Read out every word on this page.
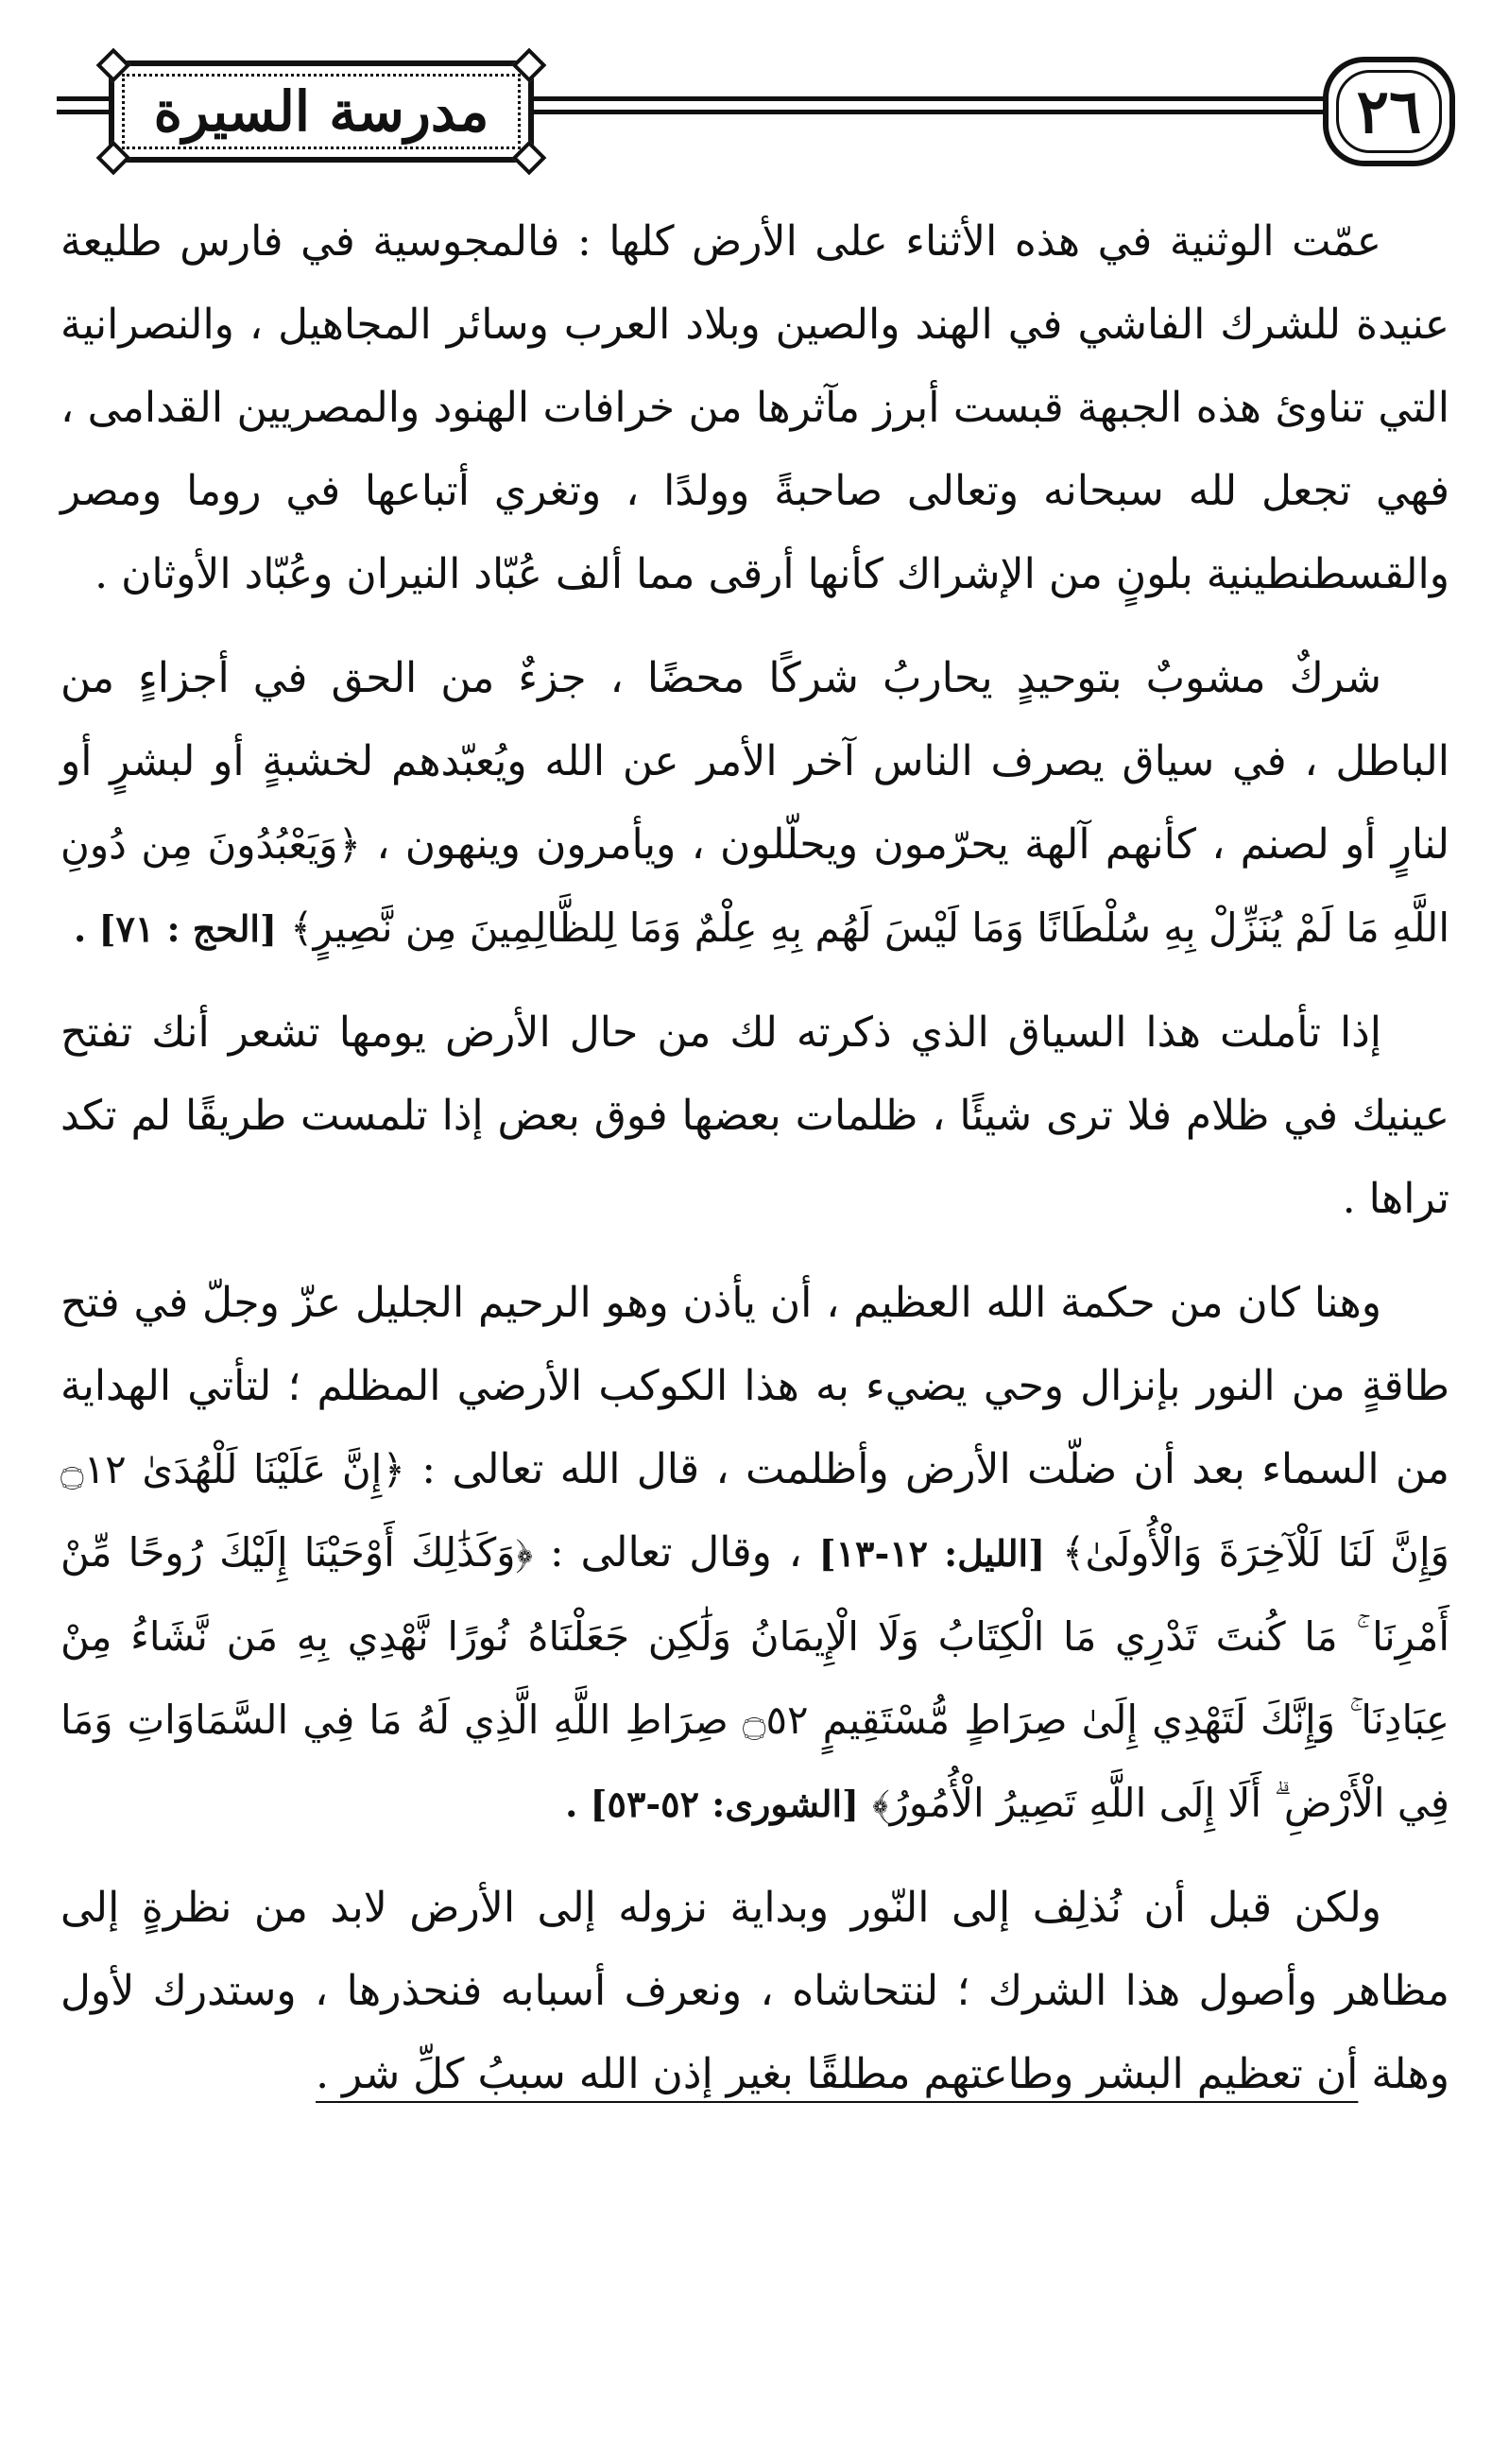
٢٦
مدرسة السيرة

عمّت الوثنية في هذه الأثناء على الأرض كلها : فالمجوسية في فارس طليعة عنيدة للشرك الفاشي في الهند والصين وبلاد العرب وسائر المجاهيل ، والنصرانية التي تناوئ هذه الجبهة قبست أبرز مآثرها من خرافات الهنود والمصريين القدامى ، فهي تجعل لله سبحانه وتعالى صاحبةً وولدًا ، وتغري أتباعها في روما ومصر والقسطنطينية بلونٍ من الإشراك كأنها أرقى مما ألف عُبّاد النيران وعُبّاد الأوثان .

شركٌ مشوبٌ بتوحيدٍ يحاربُ شركًا محضًا ، جزءٌ من الحق في أجزاءٍ من الباطل ، في سياق يصرف الناس آخر الأمر عن الله ويُعبّدهم لخشبةٍ أو لبشرٍ أو لنارٍ أو لصنم ، كأنهم آلهة يحرّمون ويحلّلون ، ويأمرون وينهون ، ﴿وَيَعْبُدُونَ مِن دُونِ اللَّهِ مَا لَمْ يُنَزِّلْ بِهِ سُلْطَانًا وَمَا لَيْسَ لَهُم بِهِ عِلْمٌ وَمَا لِلظَّالِمِينَ مِن نَّصِيرٍ﴾ [الحج : ٧١] .

إذا تأملت هذا السياق الذي ذكرته لك من حال الأرض يومها تشعر أنك تفتح عينيك في ظلام فلا ترى شيئًا ، ظلمات بعضها فوق بعض إذا تلمست طريقًا لم تكد تراها .

وهنا كان من حكمة الله العظيم ، أن يأذن وهو الرحيم الجليل عزّ وجلّ في فتح طاقةٍ من النور بإنزال وحي يضيء به هذا الكوكب الأرضي المظلم ؛ لتأتي الهداية من السماء بعد أن ضلّت الأرض وأظلمت ، قال الله تعالى : ﴿إِنَّ عَلَيْنَا لَلْهُدَىٰ ۝١٢ وَإِنَّ لَنَا لَلْآخِرَةَ وَالْأُولَىٰ﴾ [الليل: ١٢-١٣] ، وقال تعالى : ﴿وَكَذَٰلِكَ أَوْحَيْنَا إِلَيْكَ رُوحًا مِّنْ أَمْرِنَا ۚ مَا كُنتَ تَدْرِي مَا الْكِتَابُ وَلَا الْإِيمَانُ وَلَٰكِن جَعَلْنَاهُ نُورًا نَّهْدِي بِهِ مَن نَّشَاءُ مِنْ عِبَادِنَا ۚ وَإِنَّكَ لَتَهْدِي إِلَىٰ صِرَاطٍ مُّسْتَقِيمٍ ۝٥٢ صِرَاطِ اللَّهِ الَّذِي لَهُ مَا فِي السَّمَاوَاتِ وَمَا فِي الْأَرْضِ ۗ أَلَا إِلَى اللَّهِ تَصِيرُ الْأُمُورُ﴾ [الشورى: ٥٢-٥٣] .

ولكن قبل أن نُذلِف إلى النّور وبداية نزوله إلى الأرض لابد من نظرةٍ إلى مظاهر وأصول هذا الشرك ؛ لنتحاشاه ، ونعرف أسبابه فنحذرها ، وستدرك لأول وهلة أن تعظيم البشر وطاعتهم مطلقًا بغير إذن الله سببُ كلِّ شر .
